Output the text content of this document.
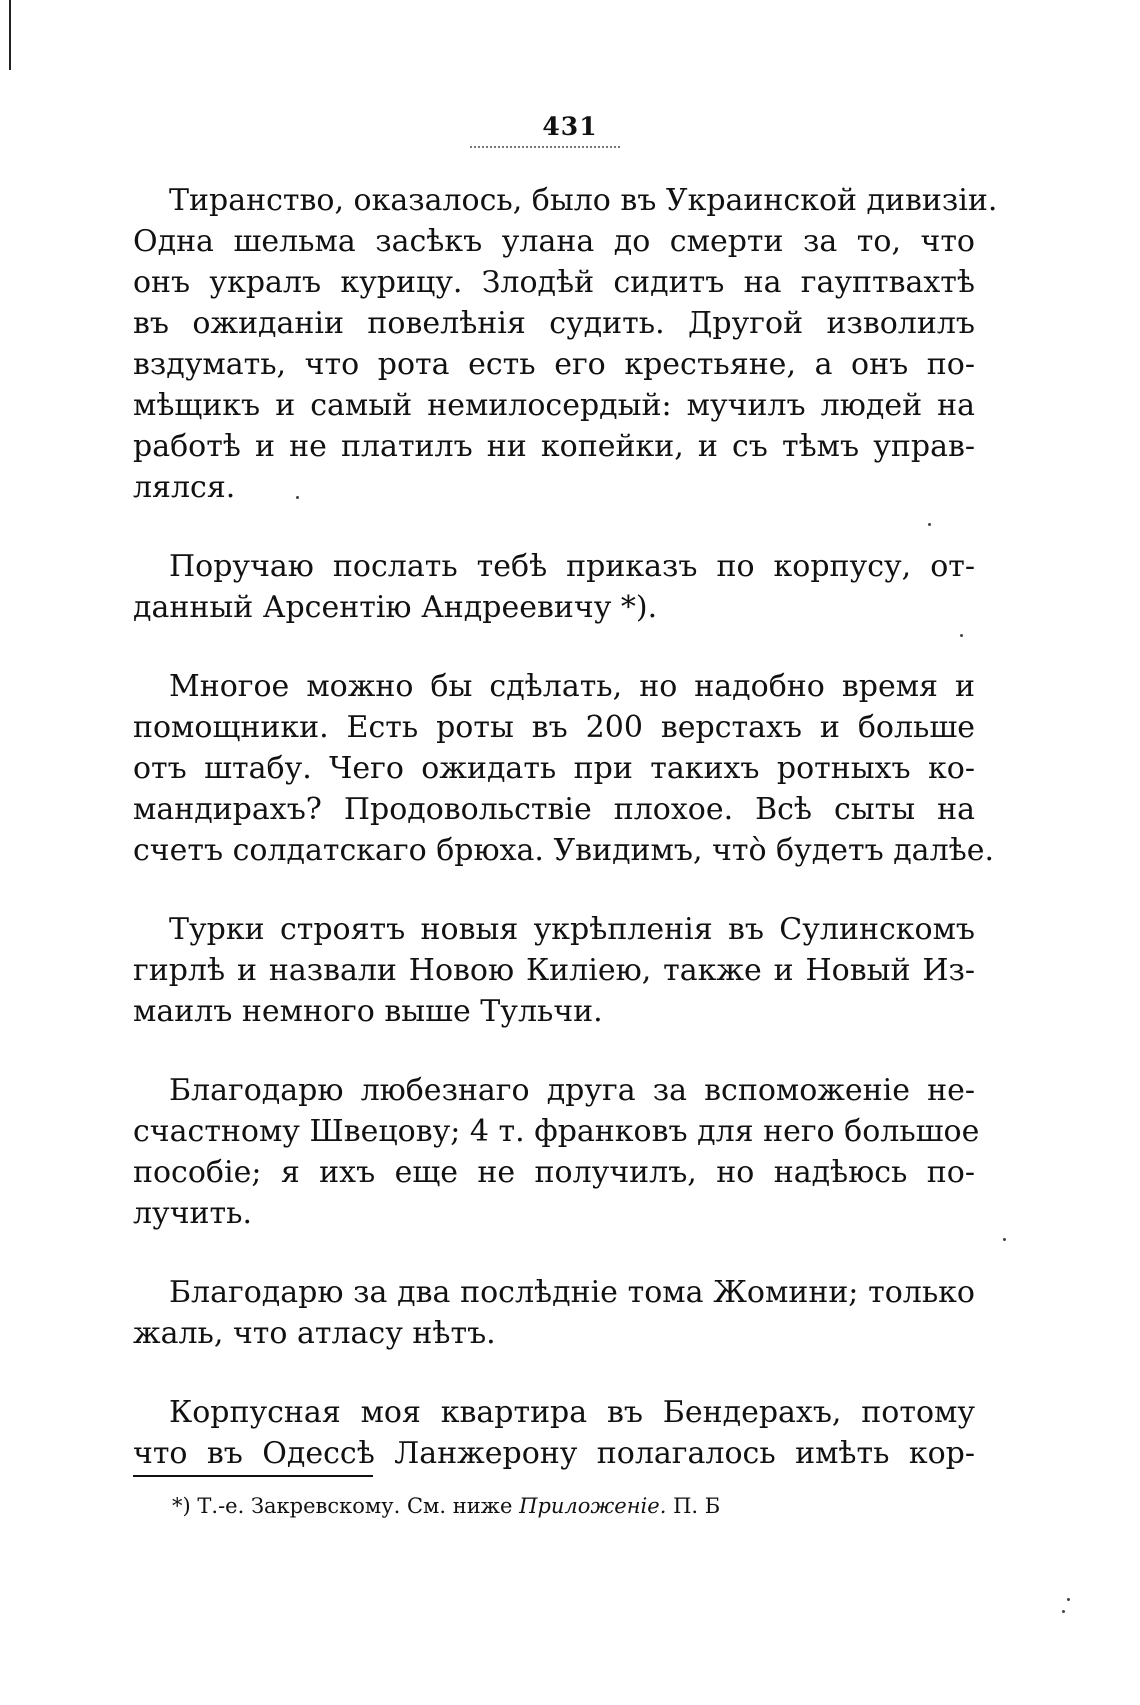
431

Тиранство, оказалось, было въ Украинской дивизіи.
Одна шельма засѣкъ улана до смерти за то, что
онъ укралъ курицу. Злодѣй сидитъ на гауптвахтѣ
въ ожиданіи повелѣнія судить. Другой изволилъ
вздумать, что рота есть его крестьяне, а онъ по-
мѣщикъ и самый немилосердый: мучилъ людей на
работѣ и не платилъ ни копейки, и съ тѣмъ управ-
лялся.

Поручаю послать тебѣ приказъ по корпусу, от-
данный Арсентію Андреевичу *).

Многое можно бы сдѣлать, но надобно время и
помощники. Есть роты въ 200 верстахъ и больше
отъ штабу. Чего ожидать при такихъ ротныхъ ко-
мандирахъ? Продовольствіе плохое. Всѣ сыты на
счетъ солдатскаго брюха. Увидимъ, что̀ будетъ далѣе.

Турки строятъ новыя укрѣпленія въ Сулинскомъ
гирлѣ и назвали Новою Киліею, также и Новый Из-
маилъ немного выше Тульчи.

Благодарю любезнаго друга за вспоможеніе не-
счастному Швецову; 4 т. франковъ для него большое
пособіе; я ихъ еще не получилъ, но надѣюсь по-
лучить.

Благодарю за два послѣдніе тома Жомини; только
жаль, что атласу нѣтъ.

Корпусная моя квартира въ Бендерахъ, потому
что въ Одессѣ Ланжерону полагалось имѣть кор-

*) Т.-е. Закревскому. См. ниже Приложеніе. П. Б
